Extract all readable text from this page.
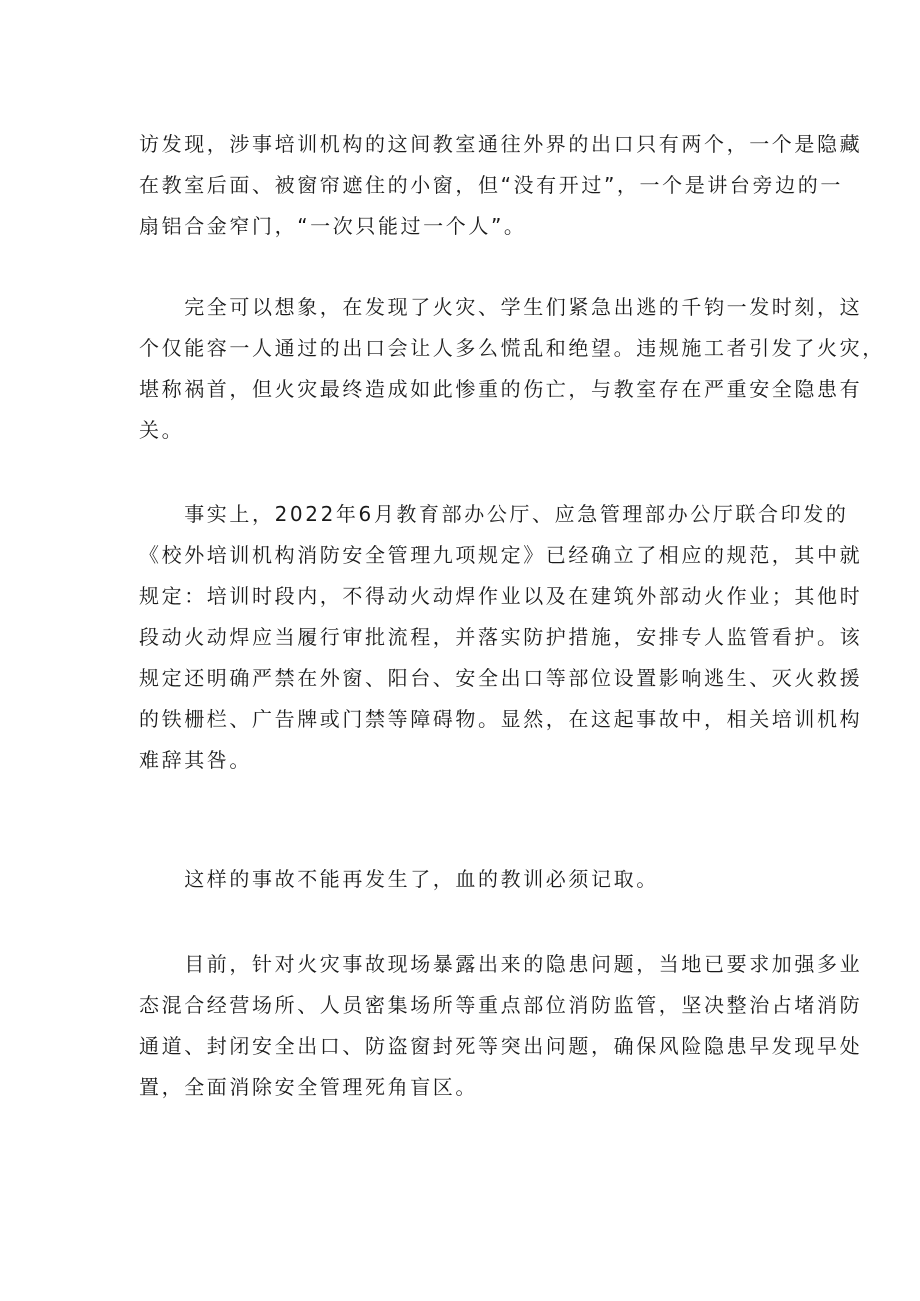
访发现，涉事培训机构的这间教室通往外界的出口只有两个，一个是隐藏
在教室后面、被窗帘遮住的小窗，但“没有开过”，一个是讲台旁边的一
扇铝合金窄门，“一次只能过一个人”。
　　完全可以想象，在发现了火灾、学生们紧急出逃的千钧一发时刻，这
个仅能容一人通过的出口会让人多么慌乱和绝望。违规施工者引发了火灾，
堪称祸首，但火灾最终造成如此惨重的伤亡，与教室存在严重安全隐患有
关。
　　事实上，2022年6月教育部办公厅、应急管理部办公厅联合印发的
《校外培训机构消防安全管理九项规定》已经确立了相应的规范，其中就
规定：培训时段内，不得动火动焊作业以及在建筑外部动火作业；其他时
段动火动焊应当履行审批流程，并落实防护措施，安排专人监管看护。该
规定还明确严禁在外窗、阳台、安全出口等部位设置影响逃生、灭火救援
的铁栅栏、广告牌或门禁等障碍物。显然，在这起事故中，相关培训机构
难辞其咎。
　　这样的事故不能再发生了，血的教训必须记取。
　　目前，针对火灾事故现场暴露出来的隐患问题，当地已要求加强多业
态混合经营场所、人员密集场所等重点部位消防监管，坚决整治占堵消防
通道、封闭安全出口、防盗窗封死等突出问题，确保风险隐患早发现早处
置，全面消除安全管理死角盲区。
